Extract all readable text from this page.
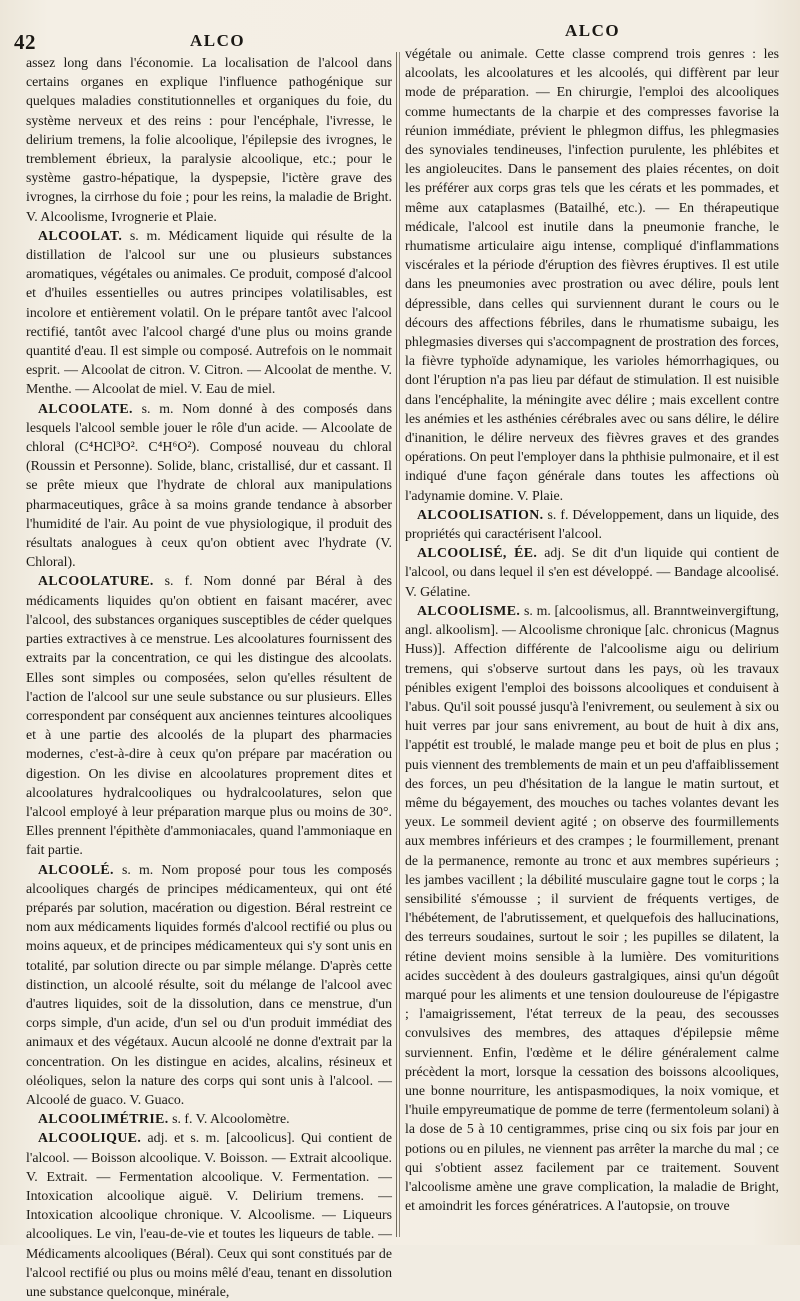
42	ALCO
ALCO

assez long dans l'économie. La localisation de l'alcool dans certains organes en explique l'influence pathogénique sur quelques maladies constitutionnelles et organiques du foie, du système nerveux et des reins : pour l'encéphale, l'ivresse, le delirium tremens, la folie alcoolique, l'épilepsie des ivrognes, le tremblement ébrieux, la paralysie alcoolique, etc.; pour le système gastro-hépatique, la dyspepsie, l'ictère grave des ivrognes, la cirrhose du foie ; pour les reins, la maladie de Bright. V. Alcoolisme, Ivrognerie et Plaie.

ALCOOLAT. s. m. Médicament liquide qui résulte de la distillation de l'alcool sur une ou plusieurs substances aromatiques, végétales ou animales. Ce produit, composé d'alcool et d'huiles essentielles ou autres principes volatilisables, est incolore et entièrement volatil. On le prépare tantôt avec l'alcool rectifié, tantôt avec l'alcool chargé d'une plus ou moins grande quantité d'eau. Il est simple ou composé. Autrefois on le nommait esprit. — Alcoolat de citron. V. Citron. — Alcoolat de menthe. V. Menthe. — Alcoolat de miel. V. Eau de miel.

ALCOOLATE. s. m. Nom donné à des composés dans lesquels l'alcool semble jouer le rôle d'un acide. — Alcoolate de chloral (C⁴HCl³O². C⁴H⁶O²). Composé nouveau du chloral (Roussin et Personne). Solide, blanc, cristallisé, dur et cassant. Il se prête mieux que l'hydrate de chloral aux manipulations pharmaceutiques, grâce à sa moins grande tendance à absorber l'humidité de l'air. Au point de vue physiologique, il produit des résultats analogues à ceux qu'on obtient avec l'hydrate (V. Chloral).

ALCOOLATURE. s. f. Nom donné par Béral à des médicaments liquides qu'on obtient en faisant macérer, avec l'alcool, des substances organiques susceptibles de céder quelques parties extractives à ce menstrue. Les alcoolatures fournissent des extraits par la concentration, ce qui les distingue des alcoolats. Elles sont simples ou composées, selon qu'elles résultent de l'action de l'alcool sur une seule substance ou sur plusieurs. Elles correspondent par conséquent aux anciennes teintures alcooliques et à une partie des alcoolés de la plupart des pharmacies modernes, c'est-à-dire à ceux qu'on prépare par macération ou digestion. On les divise en alcoolatures proprement dites et alcoolatures hydralcooliques ou hydralcoolatures, selon que l'alcool employé à leur préparation marque plus ou moins de 30°. Elles prennent l'épithète d'ammoniacales, quand l'ammoniaque en fait partie.

ALCOOLÉ. s. m. Nom proposé pour tous les composés alcooliques chargés de principes médicamenteux, qui ont été préparés par solution, macération ou digestion. Béral restreint ce nom aux médicaments liquides formés d'alcool rectifié ou plus ou moins aqueux, et de principes médicamenteux qui s'y sont unis en totalité, par solution directe ou par simple mélange. D'après cette distinction, un alcoolé résulte, soit du mélange de l'alcool avec d'autres liquides, soit de la dissolution, dans ce menstrue, d'un corps simple, d'un acide, d'un sel ou d'un produit immédiat des animaux et des végétaux. Aucun alcoolé ne donne d'extrait par la concentration. On les distingue en acides, alcalins, résineux et oléoliques, selon la nature des corps qui sont unis à l'alcool. — Alcoolé de guaco. V. Guaco.

ALCOOLIMÉTRIE. s. f. V. Alcoolomètre.

ALCOOLIQUE. adj. et s. m. [alcoolicus]. Qui contient de l'alcool. — Boisson alcoolique. V. Boisson. — Extrait alcoolique. V. Extrait. — Fermentation alcoolique. V. Fermentation. — Intoxication alcoolique aiguë. V. Delirium tremens. — Intoxication alcoolique chronique. V. Alcoolisme. — Liqueurs alcooliques. Le vin, l'eau-de-vie et toutes les liqueurs de table. — Médicaments alcooliques (Béral). Ceux qui sont constitués par de l'alcool rectifié ou plus ou moins mêlé d'eau, tenant en dissolution une substance quelconque, minérale,

végétale ou animale. Cette classe comprend trois genres : les alcoolats, les alcoolatures et les alcoolés, qui diffèrent par leur mode de préparation. — En chirurgie, l'emploi des alcooliques comme humectants de la charpie et des compresses favorise la réunion immédiate, prévient le phlegmon diffus, les phlegmasies des synoviales tendineuses, l'infection purulente, les phlébites et les angioleucites. Dans le pansement des plaies récentes, on doit les préférer aux corps gras tels que les cérats et les pommades, et même aux cataplasmes (Batailhé, etc.). — En thérapeutique médicale, l'alcool est inutile dans la pneumonie franche, le rhumatisme articulaire aigu intense, compliqué d'inflammations viscérales et la période d'éruption des fièvres éruptives. Il est utile dans les pneumonies avec prostration ou avec délire, pouls lent dépressible, dans celles qui surviennent durant le cours ou le décours des affections fébriles, dans le rhumatisme subaigu, les phlegmasies diverses qui s'accompagnent de prostration des forces, la fièvre typhoïde adynamique, les varioles hémorrhagiques, ou dont l'éruption n'a pas lieu par défaut de stimulation. Il est nuisible dans l'encéphalite, la méningite avec délire ; mais excellent contre les anémies et les asthénies cérébrales avec ou sans délire, le délire d'inanition, le délire nerveux des fièvres graves et des grandes opérations. On peut l'employer dans la phthisie pulmonaire, et il est indiqué d'une façon générale dans toutes les affections où l'adynamie domine. V. Plaie.

ALCOOLISATION. s. f. Développement, dans un liquide, des propriétés qui caractérisent l'alcool.

ALCOOLISÉ, ÉE. adj. Se dit d'un liquide qui contient de l'alcool, ou dans lequel il s'en est développé. — Bandage alcoolisé. V. Gélatine.

ALCOOLISME. s. m. [alcoolismus, all. Branntweinvergiftung, angl. alkoolism]. — Alcoolisme chronique [alc. chronicus (Magnus Huss)]. Affection différente de l'alcoolisme aigu ou delirium tremens, qui s'observe surtout dans les pays, où les travaux pénibles exigent l'emploi des boissons alcooliques et conduisent à l'abus. Qu'il soit poussé jusqu'à l'enivrement, ou seulement à six ou huit verres par jour sans enivrement, au bout de huit à dix ans, l'appétit est troublé, le malade mange peu et boit de plus en plus ; puis viennent des tremblements de main et un peu d'affaiblissement des forces, un peu d'hésitation de la langue le matin surtout, et même du bégayement, des mouches ou taches volantes devant les yeux. Le sommeil devient agité ; on observe des fourmillements aux membres inférieurs et des crampes ; le fourmillement, prenant de la permanence, remonte au tronc et aux membres supérieurs ; les jambes vacillent ; la débilité musculaire gagne tout le corps ; la sensibilité s'émousse ; il survient de fréquents vertiges, de l'hébétement, de l'abrutissement, et quelquefois des hallucinations, des terreurs soudaines, surtout le soir ; les pupilles se dilatent, la rétine devient moins sensible à la lumière. Des vomituritions acides succèdent à des douleurs gastralgiques, ainsi qu'un dégoût marqué pour les aliments et une tension douloureuse de l'épigastre ; l'amaigrissement, l'état terreux de la peau, des secousses convulsives des membres, des attaques d'épilepsie même surviennent. Enfin, l'œdème et le délire généralement calme précèdent la mort, lorsque la cessation des boissons alcooliques, une bonne nourriture, les antispasmodiques, la noix vomique, et l'huile empyreumatique de pomme de terre (fermentoleum solani) à la dose de 5 à 10 centigrammes, prise cinq ou six fois par jour en potions ou en pilules, ne viennent pas arrêter la marche du mal ; ce qui s'obtient assez facilement par ce traitement. Souvent l'alcoolisme amène une grave complication, la maladie de Bright, et amoindrit les forces génératrices. A l'autopsie, on trouve
